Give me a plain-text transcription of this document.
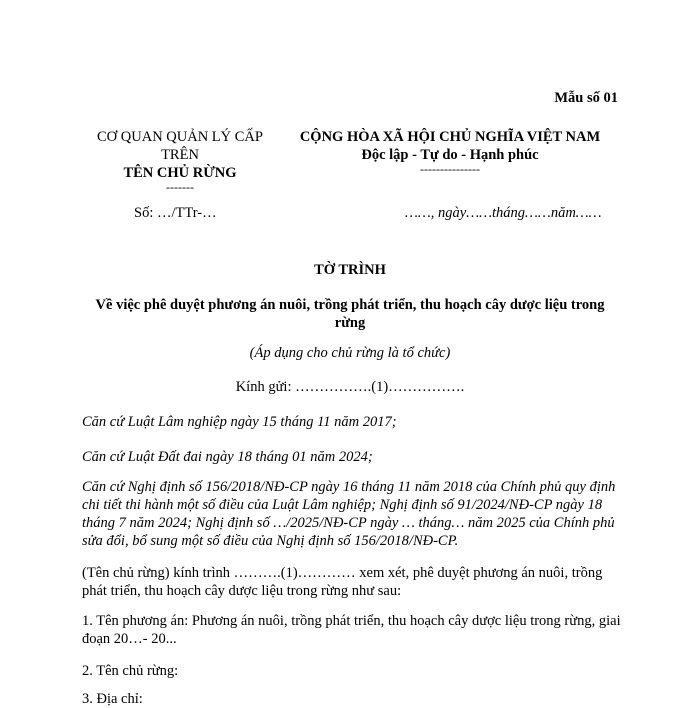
Mẫu số 01
CƠ QUAN QUẢN LÝ CẤP
TRÊN
TÊN CHỦ RỪNG
-------
CỘNG HÒA XÃ HỘI CHỦ NGHĨA VIỆT NAM
Độc lập - Tự do - Hạnh phúc
---------------
Số: …/TTr-…	……, ngày……tháng……năm……
TỜ TRÌNH
Về việc phê duyệt phương án nuôi, trồng phát triển, thu hoạch cây dược liệu trong rừng
(Áp dụng cho chủ rừng là tổ chức)
Kính gửi: …………….(1)…………….
Căn cứ Luật Lâm nghiệp ngày 15 tháng 11 năm 2017;
Căn cứ Luật Đất đai ngày 18 tháng 01 năm 2024;
Căn cứ Nghị định số 156/2018/NĐ-CP ngày 16 tháng 11 năm 2018 của Chính phủ quy định chi tiết thi hành một số điều của Luật Lâm nghiệp; Nghị định số 91/2024/NĐ-CP ngày 18 tháng 7 năm 2024; Nghị định số …/2025/NĐ-CP ngày … tháng… năm 2025 của Chính phủ sửa đổi, bổ sung một số điều của Nghị định số 156/2018/NĐ-CP.
(Tên chủ rừng) kính trình ……….(1)………… xem xét, phê duyệt phương án nuôi, trồng phát triển, thu hoạch cây dược liệu trong rừng như sau:
1. Tên phương án: Phương án nuôi, trồng phát triển, thu hoạch cây dược liệu trong rừng, giai đoạn 20…- 20...
2. Tên chủ rừng:
3. Địa chỉ:
